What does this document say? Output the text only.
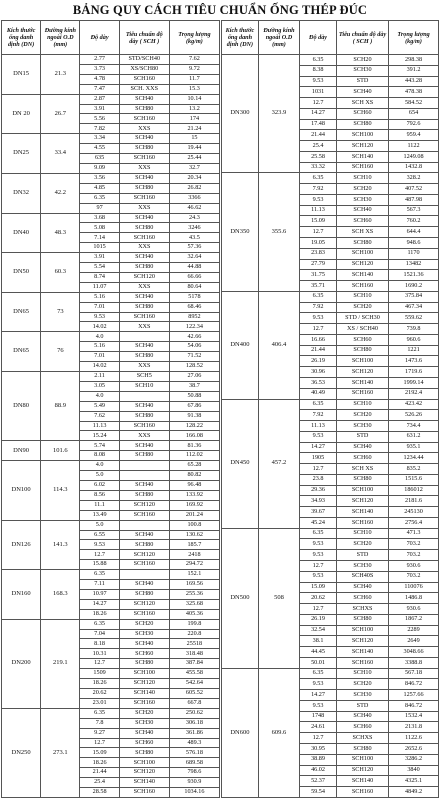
BẢNG QUY CÁCH TIÊU CHUẨN ỐNG THÉP ĐÚC
Kích thước ống danh định (DN)	Đường kính ngoài O.D (mm)	Độ dày	Tiêu chuẩn độ dày ( SCH )	Trọng lượng (kg/m)
DN15	21.3	2.77	STD/SCH40	7.62
		3.73	XS/SCH80	9.72
		4.78	SCH160	11.7
		7.47	SCH. XXS	15.3
DN 20	26.7	2.87	SCH40	10.14
		3.91	SCH80	13.2
		5.56	SCH160	174
		7.82	XXS	21.24
DN25	33.4	3.34	SCH40	15
		4.55	SCH80	19.44
		635	SCH160	25.44
		9.09	XXS	32.7
DN32	42.2	3.56	SCH40	20.34
		4.85	SCH80	26.82
		6.35	SCH160	3366
		97	XXS	46.62
DN40	48.3	3.68	SCH40	24.3
		5.08	SCH80	3246
		7.14	SCH160	43.5
		1015	XXS	57.36
DN50	60.3	3.91	SCH40	32.64
		5.54	SCH80	44.88
		8.74	SCH120	66.66
		11.07	XXS	80.64
DN65	73	5.16	SCH40	5178
		7.01	SCH80	68.46
		9.53	SCH160	8952
		14.02	XXS	122.34
DN65	76	4.0		42.66
		5.16	SCH40	54.06
		7.01	SCH80	71.52
		14.02	XXS	128.52
DN80	88.9	2.11	SCH5	27.06
		3.05	SCH10	38.7
		4.0		50.88
		5.49	SCH40	67.86
		7.62	SCH80	91.38
		11.13	SCH160	128.22
		15.24	XXS	166.08
DN90	101.6	5.74	SCH40	81.36
		8.08	SCH80	112.02
DN100	114.3	4.0		65.28
		5.0		80.82
		6.02	SCH40	96.48
		8.56	SCH80	133.92
		11.1	SCH120	169.92
		13.49	SCH160	201.24
DN126	141.3	5.0		100.8
		6.55	SCH40	130.62
		9.53	SCH80	185.7
		12.7	SCH120	2418
		15.88	SCH160	294.72
DN160	168.3	6.35		152.1
		7.11	SCH40	169.56
		10.97	SCH80	255.36
		14.27	SCH120	325.68
		18.26	SCH160	405.36
DN200	219.1	6.35	SCH20	199.8
		7.04	SCH30	220.8
		8.18	SCH40	25518
		10.31	SCH60	318.48
		12.7	SCH80	387.84
		1509	SCH100	455.58
		18.26	SCH120	542.64
		20.62	SCH140	605.52
		23.01	SCH160	667.8
DN250	273.1	6.35	SCH20	250.62
		7.8	SCH30	306.18
		9.27	SCH40	361.86
		12.7	SCH60	489.3
		15.09	SCH80	576.18
		18.26	SCH100	689.58
		21.44	SCH120	798.6
		25.4	SCH140	930.9
		28.58	SCH160	1034.16
Kích thước ống danh định (DN)	Đường kính ngoài O.D (mm)	Độ dày	Tiêu chuẩn độ dày ( SCH )	Trọng lượng (kg/m)
DN300	323.9	6.35	SCH20	298.38
		8.38	SCH30	391.2
		9.53	STD	443.28
		1031	SCH40	478.38
		12.7	SCH XS	584.52
		14.27	SCH60	654
		17.48	SCH80	792.6
		21.44	SCH100	959.4
		25.4	SCH120	1122
		25.58	SCH140	1249.08
		33.32	SCH160	1432.8
DN350	355.6	6.35	SCH10	328.2
		7.92	SCH20	407.52
		9.53	SCH30	487.98
		11.13	SCH40	567.3
		15.09	SCH60	760.2
		12.7	SCH XS	644.4
		19.05	SCH80	948.6
		23.83	SCH100	1170
		27.79	SCH120	13482
		31.75	SCH140	1521.36
		35.71	SCH160	1690.2
DN400	406.4	6.35	SCH10	375.84
		7.92	SCH20	467.34
		9.53	STD / SCH30	559.62
		12.7	XS / SCH40	739.8
		16.66	SCH60	960.6
		21.44	SCH80	1221
		26.19	SCH100	1473.6
		30.96	SCH120	1719.6
		36.53	SCH140	1999.14
		40.49	SCH160	2192.4
DN450	457.2	6.35	SCH10	423.42
		7.92	SCH20	526.26
		11.13	SCH30	734.4
		9.53	STD	631.2
		14.27	SCH40	935.1
		1905	SCH60	1234.44
		12.7	SCH XS	835.2
		23.8	SCH80	1515.6
		29.36	SCH100	186012
		34.93	SCH120	2181.6
		39.67	SCH140	245130
		45.24	SCH160	2756.4
DN500	508	6.35	SCH10	471.3
		9.53	SCH20	703.2
		9.53	STD	703.2
		12.7	SCH30	930.6
		9.53	SCH40S	703.2
		15.09	SCH40	110076
		20.62	SCH60	1486.8
		12.7	SCHXS	930.6
		26.19	SCH80	1867.2
		32.54	SCH100	2289
		38.1	SCH120	2649
		44.45	SCH140	3048.66
		50.01	SCH160	3388.8
DN600	609.6	6.35	SCH10	567.18
		9.53	SCH20	846.72
		14.27	SCH30	1257.66
		9.53	STD	846.72
		1748	SCH40	1532.4
		24.61	SCH60	2131.8
		12.7	SCHXS	1122.6
		30.95	SCH80	2652.6
		38.89	SCH100	3286.2
		46.02	SCH120	3840
		52.37	SCH140	4325.1
		59.54	SCH160	4849.2
